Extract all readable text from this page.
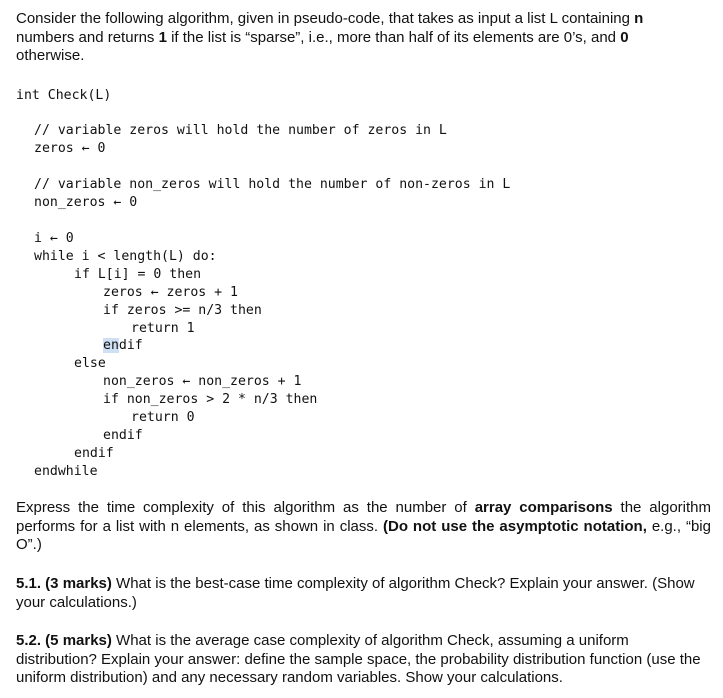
Consider the following algorithm, given in pseudo-code, that takes as input a list L containing n
numbers and returns 1 if the list is “sparse”, i.e., more than half of its elements are 0’s, and 0
otherwise.

int Check(L)
// variable zeros will hold the number of zeros in L
zeros ← 0
// variable non_zeros will hold the number of non-zeros in L
non_zeros ← 0
i ← 0
while i < length(L) do:
if L[i] = 0 then
zeros ← zeros + 1
if zeros >= n/3 then
return 1
endif
else
non_zeros ← non_zeros + 1
if non_zeros > 2 * n/3 then
return 0
endif
endif
endwhile

Express the time complexity of this algorithm as the number of array comparisons the algorithm performs for a list with n elements, as shown in class. (Do not use the asymptotic notation, e.g., “big O”.)

5.1. (3 marks) What is the best-case time complexity of algorithm Check? Explain your answer. (Show your calculations.)

5.2. (5 marks) What is the average case complexity of algorithm Check, assuming a uniform distribution? Explain your answer: define the sample space, the probability distribution function (use the uniform distribution) and any necessary random variables. Show your calculations.
